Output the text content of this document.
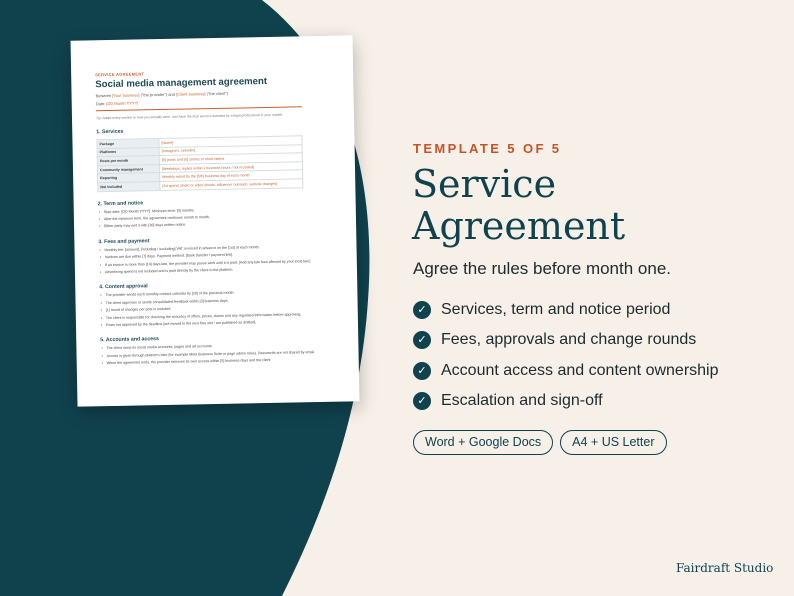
SERVICE AGREEMENT
Social media management agreement
Between [Your business] ("the provider") and [Client business] ("the client")
Date: [DD Month YYYY]
Tip: Adapt every section to how you actually work, and have the final version reviewed by a legal professional in your market.
1. Services
Package	[Name]
Platforms	[Instagram, LinkedIn]
Posts per month	[X] posts and [X] stories or short videos
Community management	[Weekdays, replies within x business hours / not included]
Reporting	Monthly report by the [5th] business day of each month
Not included	[Ad spend, photo or video shoots, influencer outreach, website changes]
2. Term and notice
• Start date: [DD Month YYYY]. Minimum term: [3] months.
• After the minimum term, the agreement continues month to month.
• Either party may end it with [30] days written notice.
3. Fees and payment
• Monthly fee: [amount], [including / excluding] VAT, invoiced in advance on the [1st] of each month.
• Invoices are due within [7] days. Payment method: [bank transfer / payment link].
• If an invoice is more than [14] days late, the provider may pause work until it is paid. [Add any late fees allowed by your local law.]
• Advertising spend is not included and is paid directly by the client to the platform.
4. Content approval
• The provider sends each monthly content calendar by [20] of the previous month.
• The client approves or sends consolidated feedback within [3] business days.
• [1] round of changes per post is included.
• The client is responsible for checking the accuracy of offers, prices, claims and any regulated information before approving.
• Posts not approved by the deadline [are moved to the next free slot / are published as drafted].
5. Accounts and access
• The client owns its social media accounts, pages and ad accounts.
• Access is given through platform roles (for example Meta Business Suite or page admin roles). Passwords are not shared by email.
• When the agreement ends, the provider removes its own access within [5] business days and the client
TEMPLATE 5 OF 5
Service
Agreement
Agree the rules before month one.
✓ Services, term and notice period
✓ Fees, approvals and change rounds
✓ Account access and content ownership
✓ Escalation and sign-off
Word + Google Docs	A4 + US Letter
Fairdraft Studio
